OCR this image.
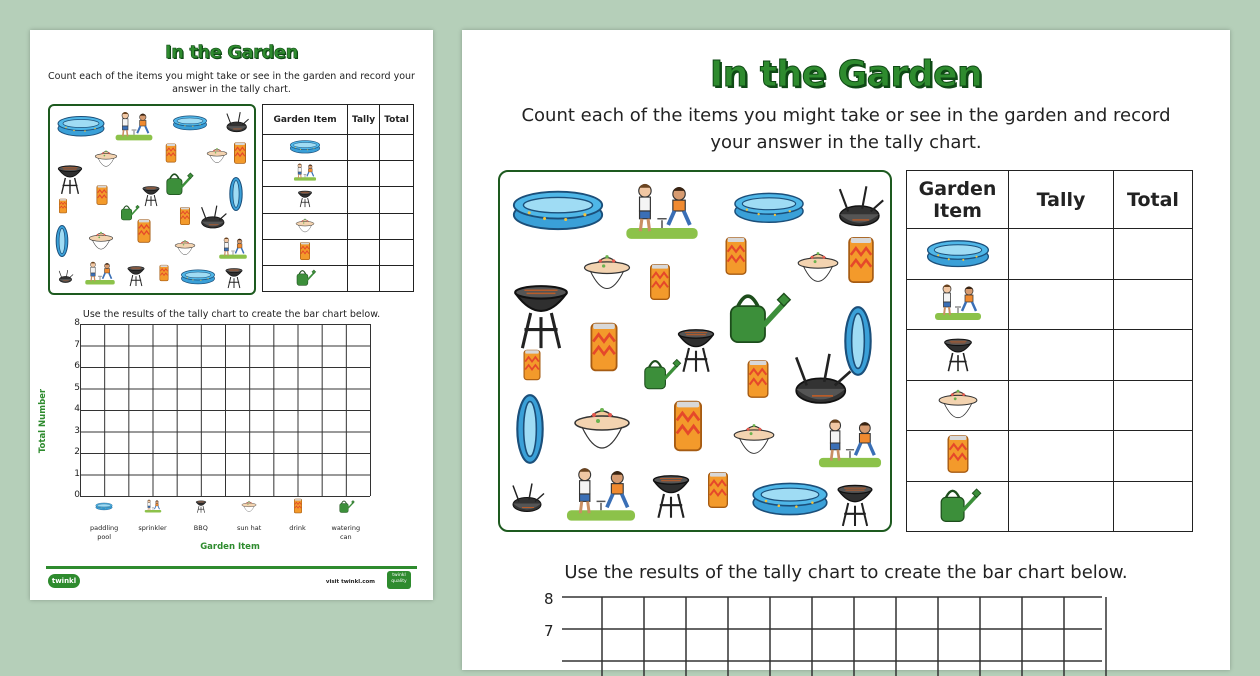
In the Garden
Count each of the items you might take or see in the garden and record your answer in the tally chart.
Garden Item	Tally	Total

Use the results of the tally chart to create the bar chart below.
0
1
2
3
4
5
6
7
8
Total Number
paddling pool
sprinkler	BBQ	sun hat	drink	watering can
Garden Item
twinkl	visit twinkl.com
twinkl quality
In the Garden
Count each of the items you might take or see in the garden and record your answer in the tally chart.
Garden Item	Tally	Total

Use the results of the tally chart to create the bar chart below.
8
7
